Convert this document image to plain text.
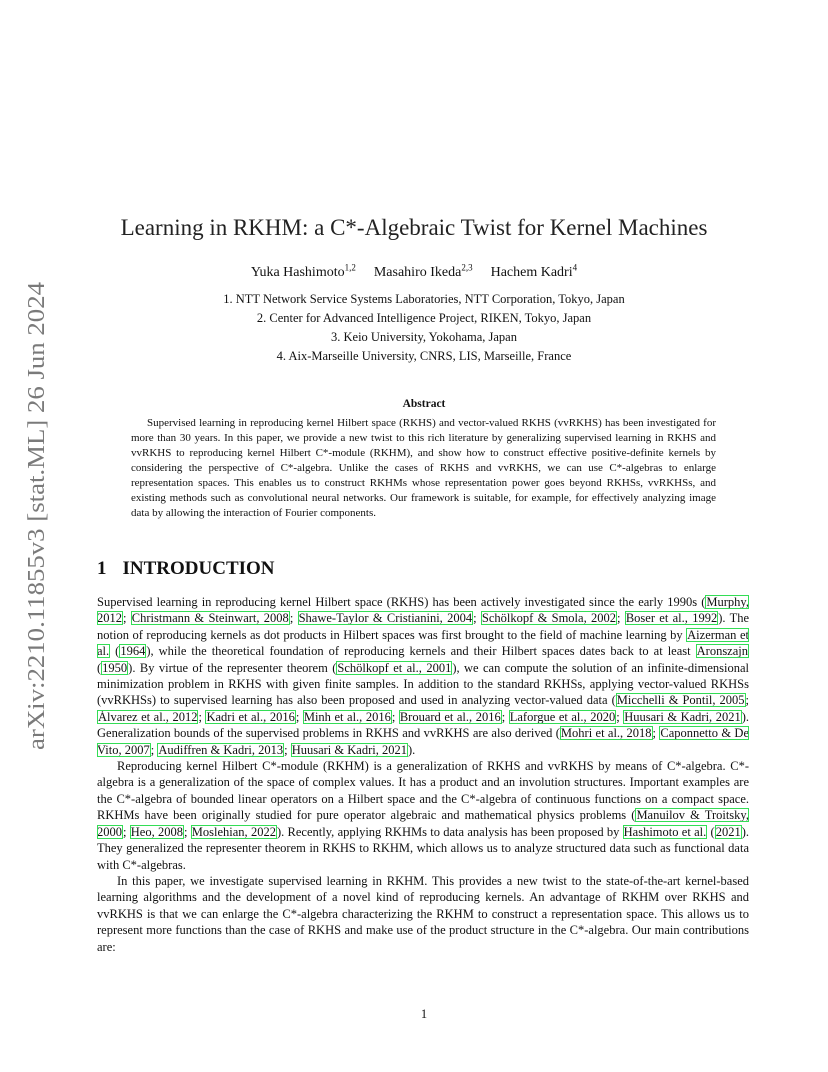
arXiv:2210.11855v3 [stat.ML] 26 Jun 2024
Learning in RKHM: a C*-Algebraic Twist for Kernel Machines
Yuka Hashimoto$^{1,2}$ Masahiro Ikeda$^{2,3}$ Hachem Kadri$^4$
1. NTT Network Service Systems Laboratories, NTT Corporation, Tokyo, Japan
2. Center for Advanced Intelligence Project, RIKEN, Tokyo, Japan
3. Keio University, Yokohama, Japan
4. Aix-Marseille University, CNRS, LIS, Marseille, France
Abstract

Supervised learning in reproducing kernel Hilbert space (RKHS) and vector-valued RKHS (vvRKHS) has been investigated for more than 30 years. In this paper, we provide a new twist to this rich literature by generalizing supervised learning in RKHS and vvRKHS to reproducing kernel Hilbert C*-module (RKHM), and show how to construct effective positive-definite kernels by considering the perspective of C*-algebra. Unlike the cases of RKHS and vvRKHS, we can use C*-algebras to enlarge representation spaces. This enables us to construct RKHMs whose representation power goes beyond RKHSs, vvRKHSs, and existing methods such as convolutional neural networks. Our framework is suitable, for example, for effectively analyzing image data by allowing the interaction of Fourier components.

1 INTRODUCTION

Supervised learning in reproducing kernel Hilbert space (RKHS) has been actively investigated since the early 1990s (Murphy, 2012; Christmann & Steinwart, 2008; Shawe-Taylor & Cristianini, 2004; Schölkopf & Smola, 2002; Boser et al., 1992). The notion of reproducing kernels as dot products in Hilbert spaces was first brought to the field of machine learning by Aizerman et al. (1964), while the theoretical foundation of reproducing kernels and their Hilbert spaces dates back to at least Aronszajn (1950). By virtue of the representer theorem (Schölkopf et al., 2001), we can compute the solution of an infinite-dimensional minimization problem in RKHS with given finite samples. In addition to the standard RKHSs, applying vector-valued RKHSs (vvRKHSs) to supervised learning has also been proposed and used in analyzing vector-valued data (Micchelli & Pontil, 2005; Álvarez et al., 2012; Kadri et al., 2016; Minh et al., 2016; Brouard et al., 2016; Laforgue et al., 2020; Huusari & Kadri, 2021). Generalization bounds of the supervised problems in RKHS and vvRKHS are also derived (Mohri et al., 2018; Caponnetto & De Vito, 2007; Audiffren & Kadri, 2013; Huusari & Kadri, 2021).

Reproducing kernel Hilbert C*-module (RKHM) is a generalization of RKHS and vvRKHS by means of C*-algebra. C*-algebra is a generalization of the space of complex values. It has a product and an involution structures. Important examples are the C*-algebra of bounded linear operators on a Hilbert space and the C*-algebra of continuous functions on a compact space. RKHMs have been originally studied for pure operator algebraic and mathematical physics problems (Manuilov & Troitsky, 2000; Heo, 2008; Moslehian, 2022). Recently, applying RKHMs to data analysis has been proposed by Hashimoto et al. (2021). They generalized the representer theorem in RKHS to RKHM, which allows us to analyze structured data such as functional data with C*-algebras.

In this paper, we investigate supervised learning in RKHM. This provides a new twist to the state-of-the-art kernel-based learning algorithms and the development of a novel kind of reproducing kernels. An advantage of RKHM over RKHS and vvRKHS is that we can enlarge the C*-algebra characterizing the RKHM to construct a representation space. This allows us to represent more functions than the case of RKHS and make use of the product structure in the C*-algebra. Our main contributions are:

1
